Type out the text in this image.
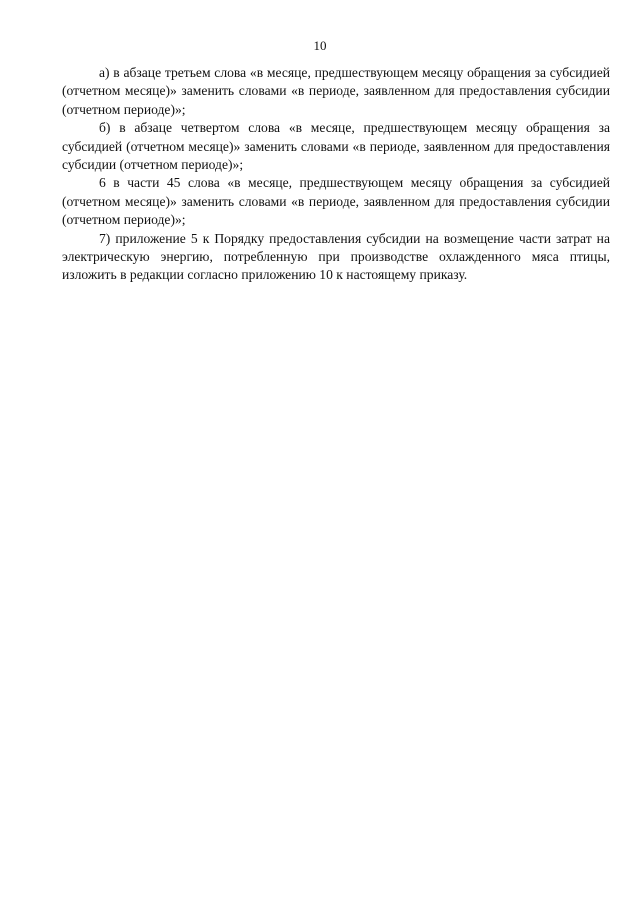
10

а) в абзаце третьем слова «в месяце, предшествующем месяцу обращения за субсидией (отчетном месяце)» заменить словами «в периоде, заявленном для предоставления субсидии (отчетном периоде)»;

б) в абзаце четвертом слова «в месяце, предшествующем месяцу обращения за субсидией (отчетном месяце)» заменить словами «в периоде, заявленном для предоставления субсидии (отчетном периоде)»;

6 в части 45 слова «в месяце, предшествующем месяцу обращения за субсидией (отчетном месяце)» заменить словами «в периоде, заявленном для предоставления субсидии (отчетном периоде)»;

7) приложение 5 к Порядку предоставления субсидии на возмещение части затрат на электрическую энергию, потребленную при производстве охлажденного мяса птицы, изложить в редакции согласно приложению 10 к настоящему приказу.
